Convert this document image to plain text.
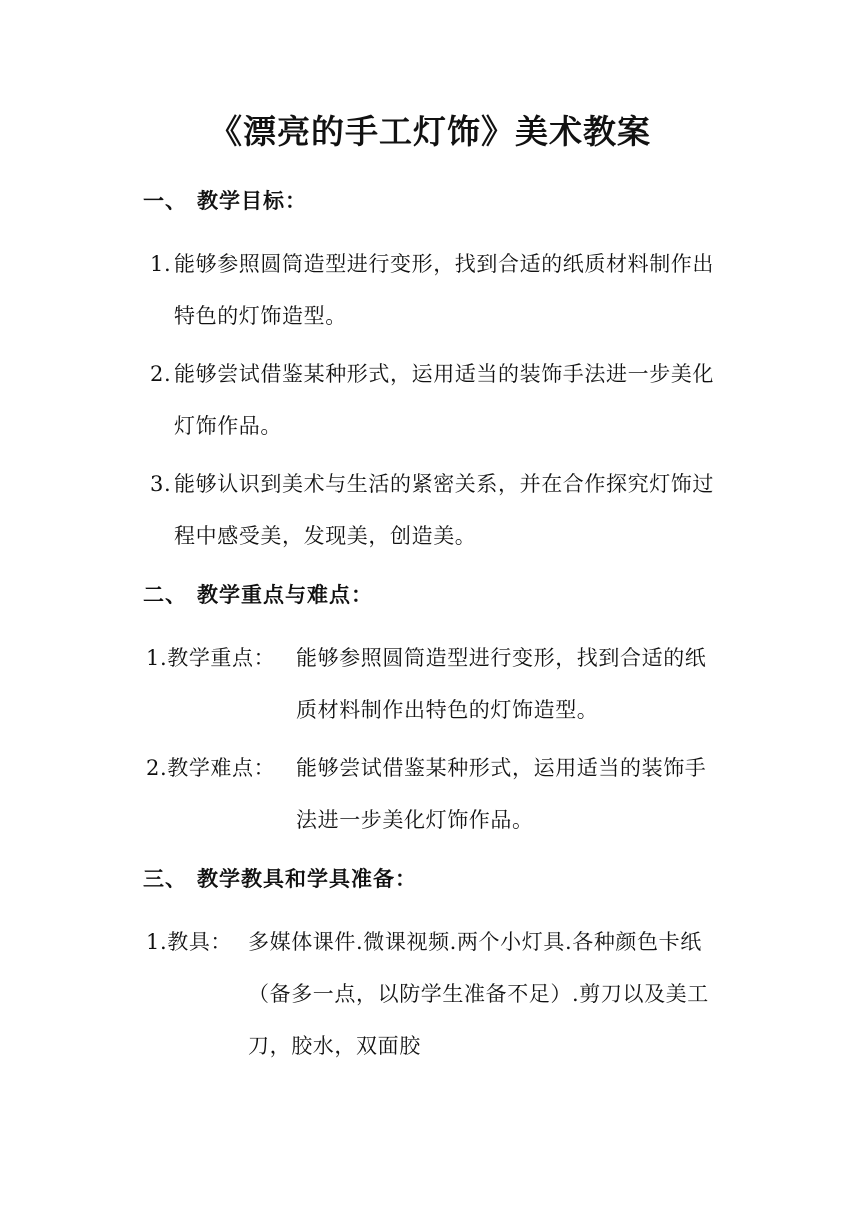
《漂亮的手工灯饰》美术教案
一、 教学目标：
1. 能够参照圆筒造型进行变形，找到合适的纸质材料制作出特色的灯饰造型。
2. 能够尝试借鉴某种形式，运用适当的装饰手法进一步美化灯饰作品。
3. 能够认识到美术与生活的紧密关系，并在合作探究灯饰过程中感受美，发现美，创造美。
二、 教学重点与难点：
1.教学重点： 能够参照圆筒造型进行变形，找到合适的纸质材料制作出特色的灯饰造型。
2.教学难点： 能够尝试借鉴某种形式，运用适当的装饰手法进一步美化灯饰作品。
三、 教学教具和学具准备：
1.教具： 多媒体课件.微课视频.两个小灯具.各种颜色卡纸（备多一点，以防学生准备不足）.剪刀以及美工刀，胶水，双面胶
